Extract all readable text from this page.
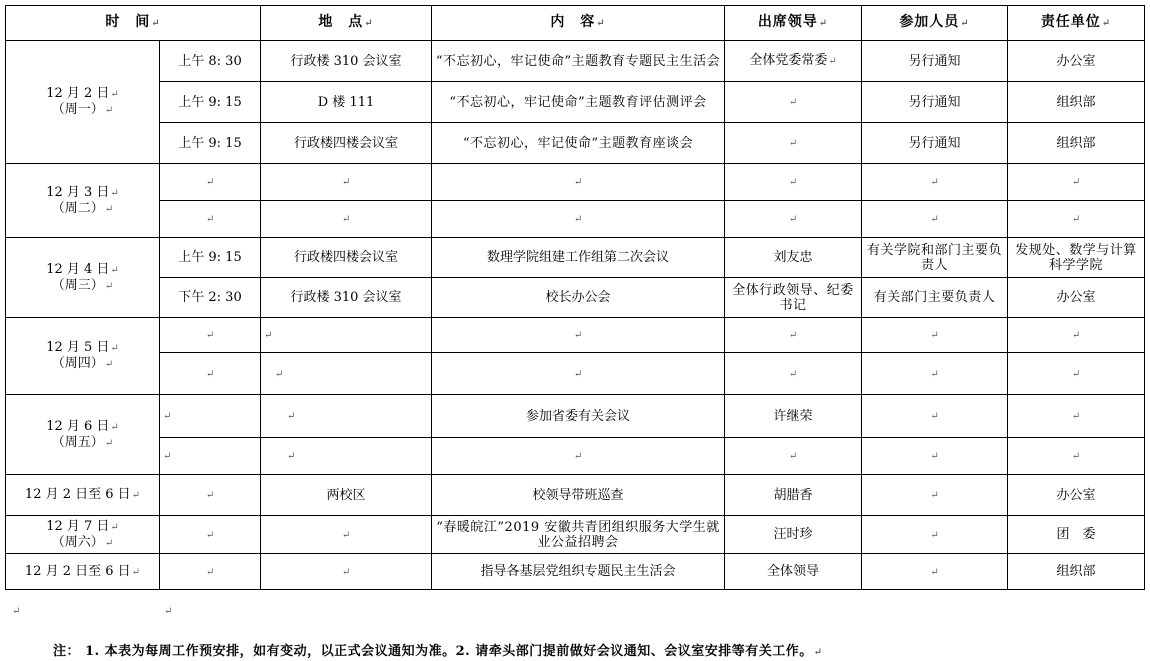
时　间↵		地　点↵	内　容↵	出席领导↵	参加人员↵	责任单位↵
12 月 2 日↵
（周一）↵	上午 8: 30	行政楼 310 会议室	“不忘初心，牢记使命”主题教育专题民主生活会	全体党委常委↵	另行通知	办公室
	上午 9: 15	D 楼 111	“不忘初心，牢记使命”主题教育评估测评会	↵	另行通知	组织部
	上午 9: 15	行政楼四楼会议室	“不忘初心，牢记使命”主题教育座谈会	↵	另行通知	组织部
12 月 3 日↵
（周二）↵	↵	↵	↵	↵	↵	↵
	↵	↵	↵	↵	↵	↵
12 月 4 日↵
（周三）↵	上午 9: 15	行政楼四楼会议室	数理学院组建工作组第二次会议	刘友忠	有关学院和部门主要负责人	发规处、数学与计算科学学院
	下午 2: 30	行政楼 310 会议室	校长办公会	全体行政领导、纪委书记	有关部门主要负责人	办公室
12 月 5 日↵
（周四）↵	↵	↵	↵	↵	↵	↵
	↵	↵	↵	↵	↵	↵
12 月 6 日↵
（周五）↵	↵	↵	参加省委有关会议	许继荣	↵	↵
	↵	↵	↵	↵	↵	↵
12 月 2 日至 6 日↵	↵	两校区	校领导带班巡查	胡腊香	↵	办公室
12 月 7 日↵
（周六）↵	↵	↵	“春暖皖江”2019 安徽共青团组织服务大学生就业公益招聘会	汪时珍	↵	团　委
12 月 2 日至 6 日↵	↵	↵	指导各基层党组织专题民主生活会	全体领导	↵	组织部
↵	↵
注： 1. 本表为每周工作预安排，如有变动，以正式会议通知为准。2. 请牵头部门提前做好会议通知、会议室安排等有关工作。↵
